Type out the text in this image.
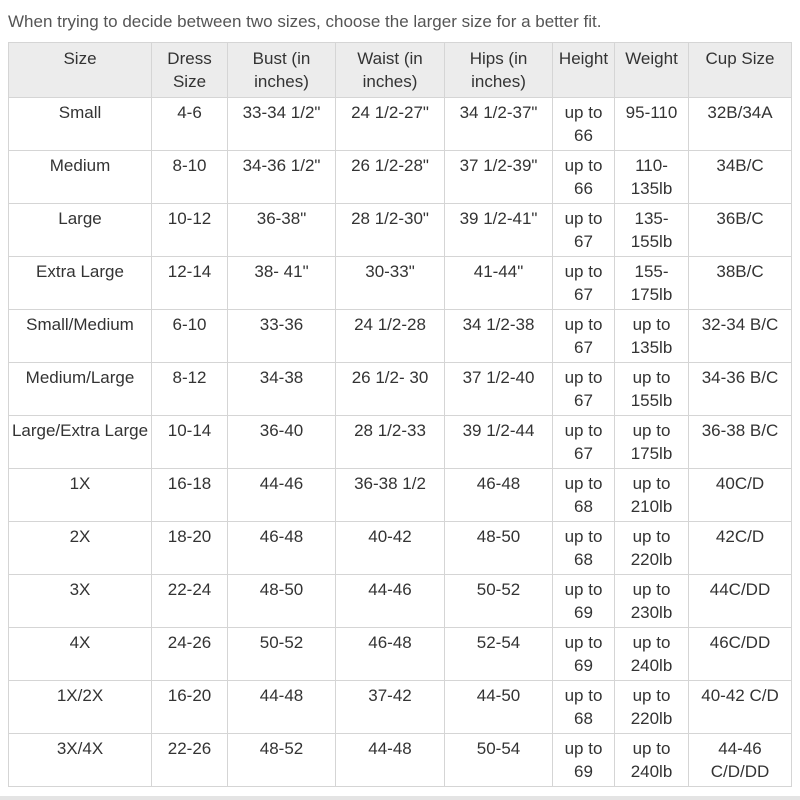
When trying to decide between two sizes, choose the larger size for a better fit.
Size	Dress Size	Bust (in inches)	Waist (in inches)	Hips (in inches)	Height	Weight	Cup Size
Small	4-6	33-34 1/2"	24 1/2-27"	34 1/2-37"	up to 66	95-110	32B/34A
Medium	8-10	34-36 1/2"	26 1/2-28"	37 1/2-39"	up to 66	110-135lb	34B/C
Large	10-12	36-38"	28 1/2-30"	39 1/2-41"	up to 67	135-155lb	36B/C
Extra Large	12-14	38- 41"	30-33"	41-44"	up to 67	155-175lb	38B/C
Small/Medium	6-10	33-36	24 1/2-28	34 1/2-38	up to 67	up to 135lb	32-34 B/C
Medium/Large	8-12	34-38	26 1/2- 30	37 1/2-40	up to 67	up to 155lb	34-36 B/C
Large/Extra Large	10-14	36-40	28 1/2-33	39 1/2-44	up to 67	up to 175lb	36-38 B/C
1X	16-18	44-46	36-38 1/2	46-48	up to 68	up to 210lb	40C/D
2X	18-20	46-48	40-42	48-50	up to 68	up to 220lb	42C/D
3X	22-24	48-50	44-46	50-52	up to 69	up to 230lb	44C/DD
4X	24-26	50-52	46-48	52-54	up to 69	up to 240lb	46C/DD
1X/2X	16-20	44-48	37-42	44-50	up to 68	up to 220lb	40-42 C/D
3X/4X	22-26	48-52	44-48	50-54	up to 69	up to 240lb	44-46 C/D/DD
